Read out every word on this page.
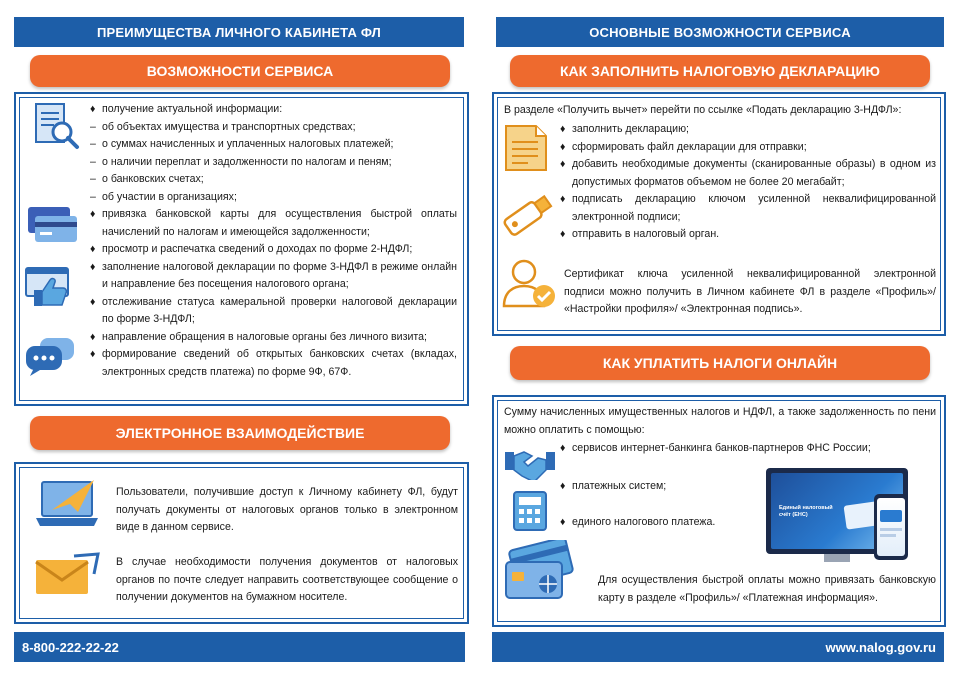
ПРЕИМУЩЕСТВА ЛИЧНОГО КАБИНЕТА ФЛ
ВОЗМОЖНОСТИ СЕРВИСА
♦ получение актуальной информации:
– об объектах имущества и транспортных средствах;
– о суммах начисленных и уплаченных налоговых платежей;
– о наличии переплат и задолженности по налогам и пеням;
– о банковских счетах;
– об участии в организациях;
♦ привязка банковской карты для осуществления быстрой оплаты начислений по налогам и имеющейся задолженности;
♦ просмотр и распечатка сведений о доходах по форме 2-НДФЛ;
♦ заполнение налоговой декларации по форме 3-НДФЛ в режиме онлайн и направление без посещения налогового органа;
♦ отслеживание статуса камеральной проверки налоговой декларации по форме 3-НДФЛ;
♦ направление обращения в налоговые органы без личного визита;
♦ формирование сведений об открытых банковских счетах (вкладах, электронных средств платежа) по форме 9Ф, 67Ф.
ЭЛЕКТРОННОЕ ВЗАИМОДЕЙСТВИЕ
Пользователи, получившие доступ к Личному кабинету ФЛ, будут получать документы от налоговых органов только в электронном виде в данном сервисе.
В случае необходимости получения документов от налоговых органов по почте следует направить соответствующее сообщение о получении документов на бумажном носителе.
8-800-222-22-22
ОСНОВНЫЕ ВОЗМОЖНОСТИ СЕРВИСА
КАК ЗАПОЛНИТЬ НАЛОГОВУЮ ДЕКЛАРАЦИЮ
В разделе «Получить вычет» перейти по ссылке «Подать декларацию 3-НДФЛ»:
♦ заполнить декларацию;
♦ сформировать файл декларации для отправки;
♦ добавить необходимые документы (сканированные образы) в одном из допустимых форматов объемом не более 20 мегабайт;
♦ подписать декларацию ключом усиленной неквалифицированной электронной подписи;
♦ отправить в налоговый орган.
Сертификат ключа усиленной неквалифицированной электронной подписи можно получить в Личном кабинете ФЛ в разделе «Профиль»/ «Настройки профиля»/ «Электронная подпись».
КАК УПЛАТИТЬ НАЛОГИ ОНЛАЙН
Сумму начисленных имущественных налогов и НДФЛ, а также задолженность по пени можно оплатить с помощью:
♦ сервисов интернет-банкинга банков-партнеров ФНС России;
♦ платежных систем;
♦ единого налогового платежа.
Единый налоговый счёт (ЕНС)
Для осуществления быстрой оплаты можно привязать банковскую карту в разделе «Профиль»/ «Платежная информация».
www.nalog.gov.ru
